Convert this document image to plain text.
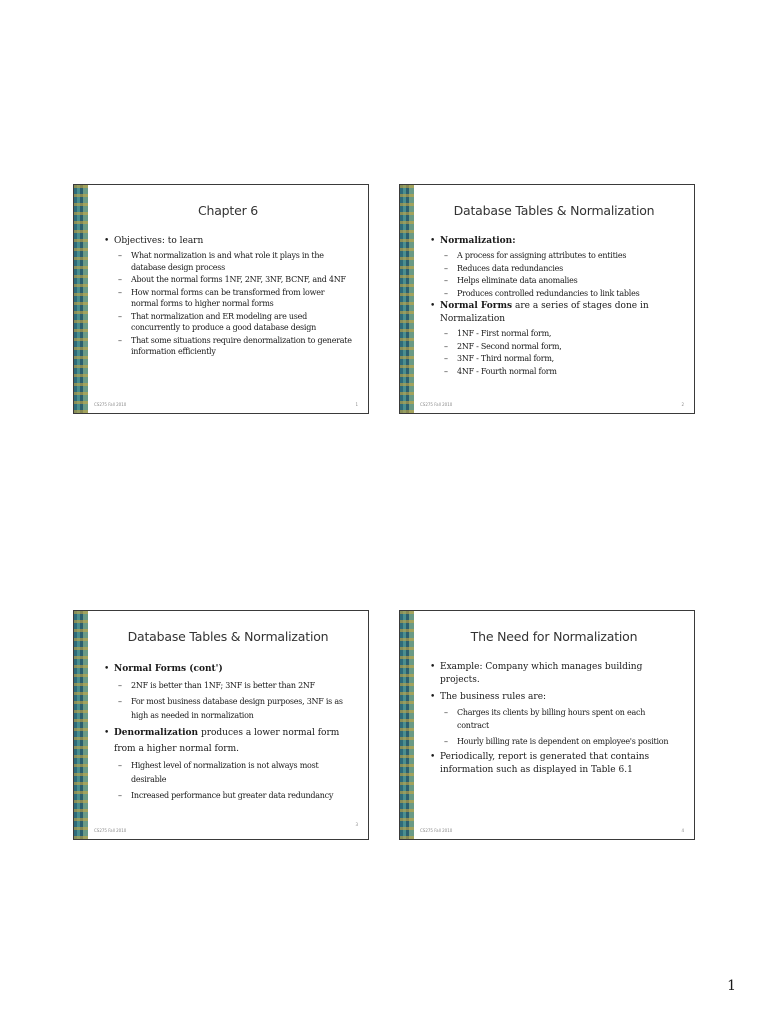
Chapter 6
• Objectives: to learn
– What normalization is and what role it plays in the database design process
– About the normal forms 1NF, 2NF, 3NF, BCNF, and 4NF
– How normal forms can be transformed from lower normal forms to higher normal forms
– That normalization and ER modeling are used concurrently to produce a good database design
– That some situations require denormalization to generate information efficiently
CS275 Fall 2010	1
Database Tables & Normalization
• Normalization:
– A process for assigning attributes to entities
– Reduces data redundancies
– Helps eliminate data anomalies
– Produces controlled redundancies to link tables
• Normal Forms are a series of stages done in Normalization
– 1NF - First normal form,
– 2NF - Second normal form,
– 3NF - Third normal form,
– 4NF - Fourth normal form
CS275 Fall 2010	2
Database Tables & Normalization
• Normal Forms (cont')
– 2NF is better than 1NF; 3NF is better than 2NF
– For most business database design purposes, 3NF is as high as needed in normalization
• Denormalization produces a lower normal form from a higher normal form.
– Highest level of normalization is not always most desirable
– Increased performance but greater data redundancy
CS275 Fall 2010
3
The Need for Normalization
• Example: Company which manages building projects.
• The business rules are:
– Charges its clients by billing hours spent on each contract
– Hourly billing rate is dependent on employee's position
• Periodically, report is generated that contains information such as displayed in Table 6.1
CS275 Fall 2010	4
1
